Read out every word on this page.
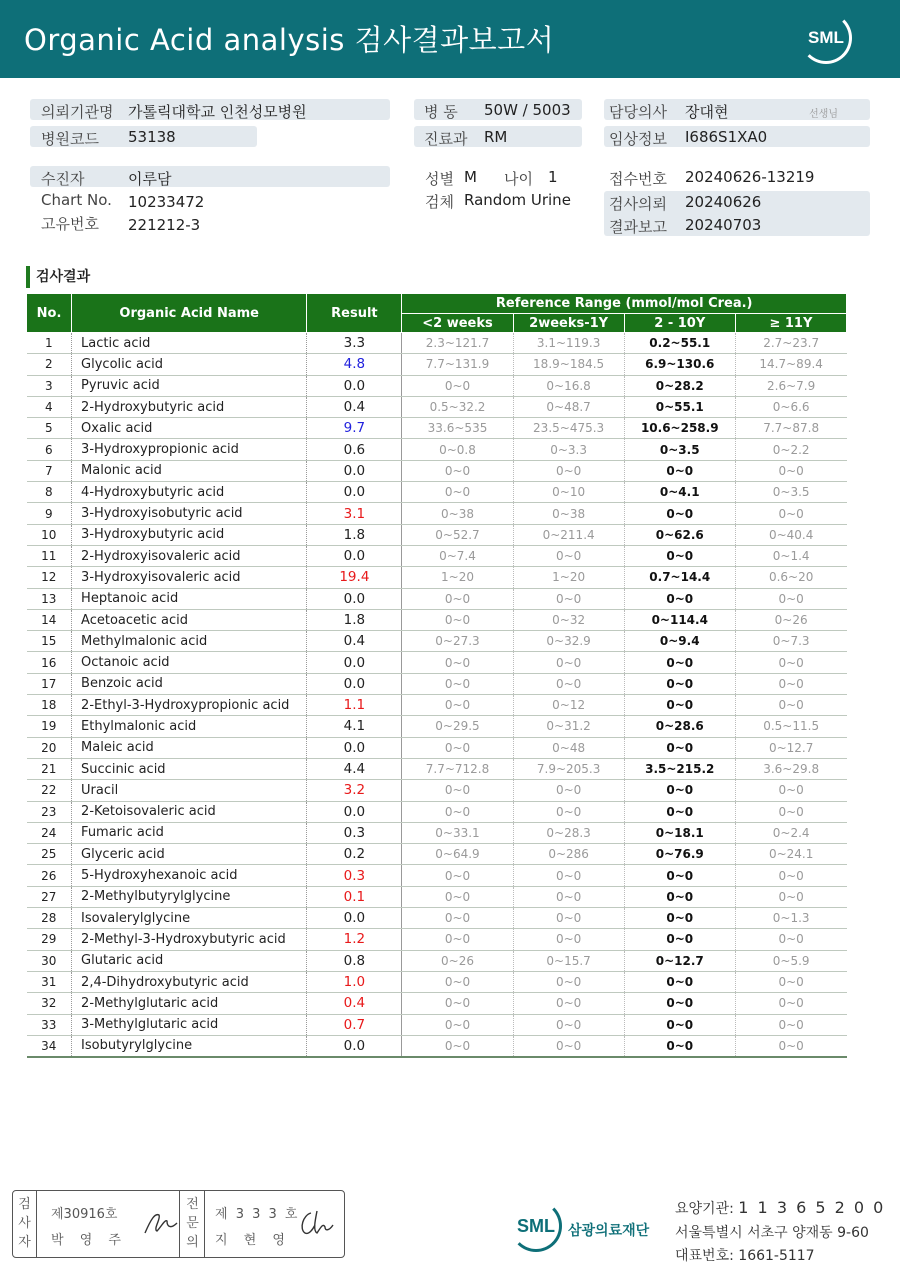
Organic Acid analysis 검사결과보고서	SML
의뢰기관명 가톨릭대학교 인천성모병원
병원코드 53138
병 동 50W / 5003
진료과 RM
담당의사 장대현	선생님
임상정보 I686S1XA0
수진자	이루담
Chart No. 10233472
고유번호 221212-3
성별 M 나이 1
검체 Random Urine
접수번호 20240626-13219
검사의뢰 20240626
결과보고 20240703
검사결과
No.	Organic Acid Name	Result	Reference Range (mmol/mol Crea.)			
			<2 weeks	2weeks-1Y	2 - 10Y	≥ 11Y
1	Lactic acid	3.3	2.3~121.7	3.1~119.3	0.2~55.1	2.7~23.7
2	Glycolic acid	4.8	7.7~131.9	18.9~184.5	6.9~130.6	14.7~89.4
3	Pyruvic acid	0.0	0~0	0~16.8	0~28.2	2.6~7.9
4	2-Hydroxybutyric acid	0.4	0.5~32.2	0~48.7	0~55.1	0~6.6
5	Oxalic acid	9.7	33.6~535	23.5~475.3	10.6~258.9	7.7~87.8
6	3-Hydroxypropionic acid	0.6	0~0.8	0~3.3	0~3.5	0~2.2
7	Malonic acid	0.0	0~0	0~0	0~0	0~0
8	4-Hydroxybutyric acid	0.0	0~0	0~10	0~4.1	0~3.5
9	3-Hydroxyisobutyric acid	3.1	0~38	0~38	0~0	0~0
10	3-Hydroxybutyric acid	1.8	0~52.7	0~211.4	0~62.6	0~40.4
11	2-Hydroxyisovaleric acid	0.0	0~7.4	0~0	0~0	0~1.4
12	3-Hydroxyisovaleric acid	19.4	1~20	1~20	0.7~14.4	0.6~20
13	Heptanoic acid	0.0	0~0	0~0	0~0	0~0
14	Acetoacetic acid	1.8	0~0	0~32	0~114.4	0~26
15	Methylmalonic acid	0.4	0~27.3	0~32.9	0~9.4	0~7.3
16	Octanoic acid	0.0	0~0	0~0	0~0	0~0
17	Benzoic acid	0.0	0~0	0~0	0~0	0~0
18	2-Ethyl-3-Hydroxypropionic acid	1.1	0~0	0~12	0~0	0~0
19	Ethylmalonic acid	4.1	0~29.5	0~31.2	0~28.6	0.5~11.5
20	Maleic acid	0.0	0~0	0~48	0~0	0~12.7
21	Succinic acid	4.4	7.7~712.8	7.9~205.3	3.5~215.2	3.6~29.8
22	Uracil	3.2	0~0	0~0	0~0	0~0
23	2-Ketoisovaleric acid	0.0	0~0	0~0	0~0	0~0
24	Fumaric acid	0.3	0~33.1	0~28.3	0~18.1	0~2.4
25	Glyceric acid	0.2	0~64.9	0~286	0~76.9	0~24.1
26	5-Hydroxyhexanoic acid	0.3	0~0	0~0	0~0	0~0
27	2-Methylbutyrylglycine	0.1	0~0	0~0	0~0	0~0
28	Isovalerylglycine	0.0	0~0	0~0	0~0	0~1.3
29	2-Methyl-3-Hydroxybutyric acid	1.2	0~0	0~0	0~0	0~0
30	Glutaric acid	0.8	0~26	0~15.7	0~12.7	0~5.9
31	2,4-Dihydroxybutyric acid	1.0	0~0	0~0	0~0	0~0
32	2-Methylglutaric acid	0.4	0~0	0~0	0~0	0~0
33	3-Methylglutaric acid	0.7	0~0	0~0	0~0	0~0
34	Isobutyrylglycine	0.0	0~0	0~0	0~0	0~0
검사자
제30916호
박 영 주
전문의
제 3 3 3 호
지 현 영
SML 삼광의료재단
요양기관: 1 1 3 6 5 2 0 0
서울특별시 서초구 양재동 9-60
대표번호: 1661-5117
